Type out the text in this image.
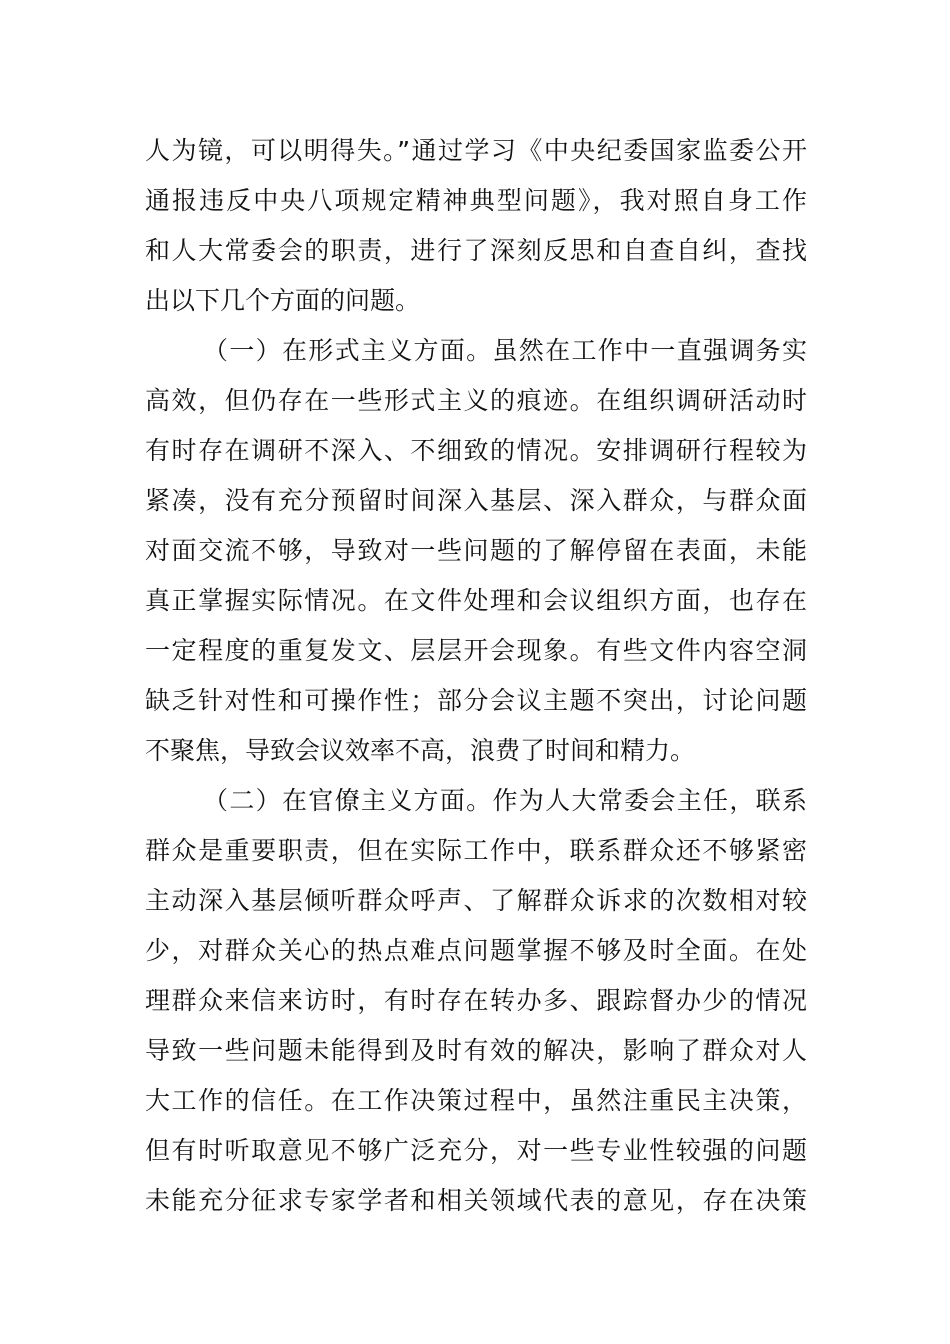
人为镜，可以明得失。”通过学习《中央纪委国家监委公开
通报违反中央八项规定精神典型问题》，我对照自身工作
和人大常委会的职责，进行了深刻反思和自查自纠，查找
出以下几个方面的问题。
（一）在形式主义方面。虽然在工作中一直强调务实
高效，但仍存在一些形式主义的痕迹。在组织调研活动时
有时存在调研不深入、不细致的情况。安排调研行程较为
紧凑，没有充分预留时间深入基层、深入群众，与群众面
对面交流不够，导致对一些问题的了解停留在表面，未能
真正掌握实际情况。在文件处理和会议组织方面，也存在
一定程度的重复发文、层层开会现象。有些文件内容空洞
缺乏针对性和可操作性；部分会议主题不突出，讨论问题
不聚焦，导致会议效率不高，浪费了时间和精力。
（二）在官僚主义方面。作为人大常委会主任，联系
群众是重要职责，但在实际工作中，联系群众还不够紧密
主动深入基层倾听群众呼声、了解群众诉求的次数相对较
少，对群众关心的热点难点问题掌握不够及时全面。在处
理群众来信来访时，有时存在转办多、跟踪督办少的情况
导致一些问题未能得到及时有效的解决，影响了群众对人
大工作的信任。在工作决策过程中，虽然注重民主决策，
但有时听取意见不够广泛充分，对一些专业性较强的问题
未能充分征求专家学者和相关领域代表的意见，存在决策
